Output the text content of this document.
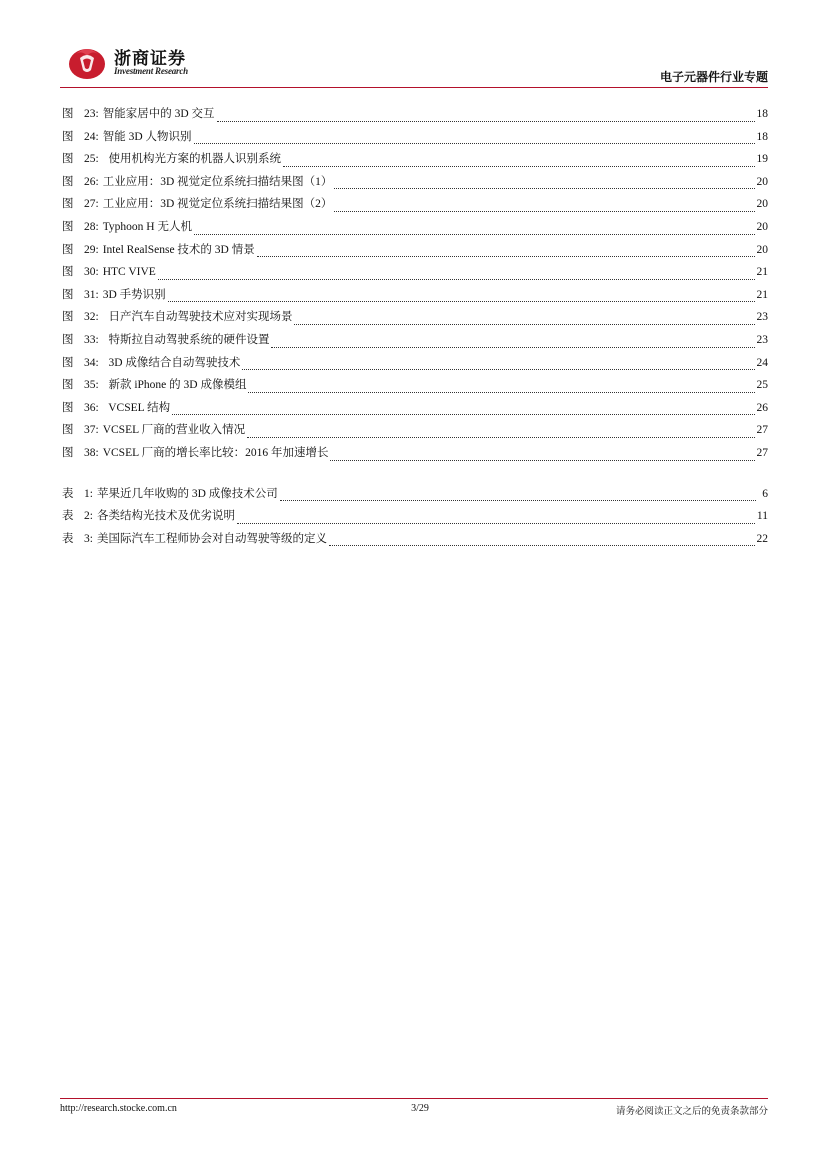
浙商证券
Investment Research	电子元器件行业专题
图 23: 智能家居中的 3D 交互	18
图 24: 智能 3D 人物识别	18
图 25: 使用机构光方案的机器人识别系统	19
图 26: 工业应用：3D 视觉定位系统扫描结果图（1）	20
图 27: 工业应用：3D 视觉定位系统扫描结果图（2）	20
图 28: Typhoon H 无人机	20
图 29: Intel RealSense 技术的 3D 情景	20
图 30: HTC VIVE	21
图 31: 3D 手势识别	21
图 32: 日产汽车自动驾驶技术应对实现场景	23
图 33: 特斯拉自动驾驶系统的硬件设置	23
图 34: 3D 成像结合自动驾驶技术	24
图 35: 新款 iPhone 的 3D 成像模组	25
图 36: VCSEL 结构	26
图 37: VCSEL 厂商的营业收入情况	27
图 38: VCSEL 厂商的增长率比较：2016 年加速增长	27
表 1: 苹果近几年收购的 3D 成像技术公司	6
表 2: 各类结构光技术及优劣说明	11
表 3: 美国际汽车工程师协会对自动驾驶等级的定义	22
http://research.stocke.com.cn	3/29	请务必阅读正文之后的免责条款部分
